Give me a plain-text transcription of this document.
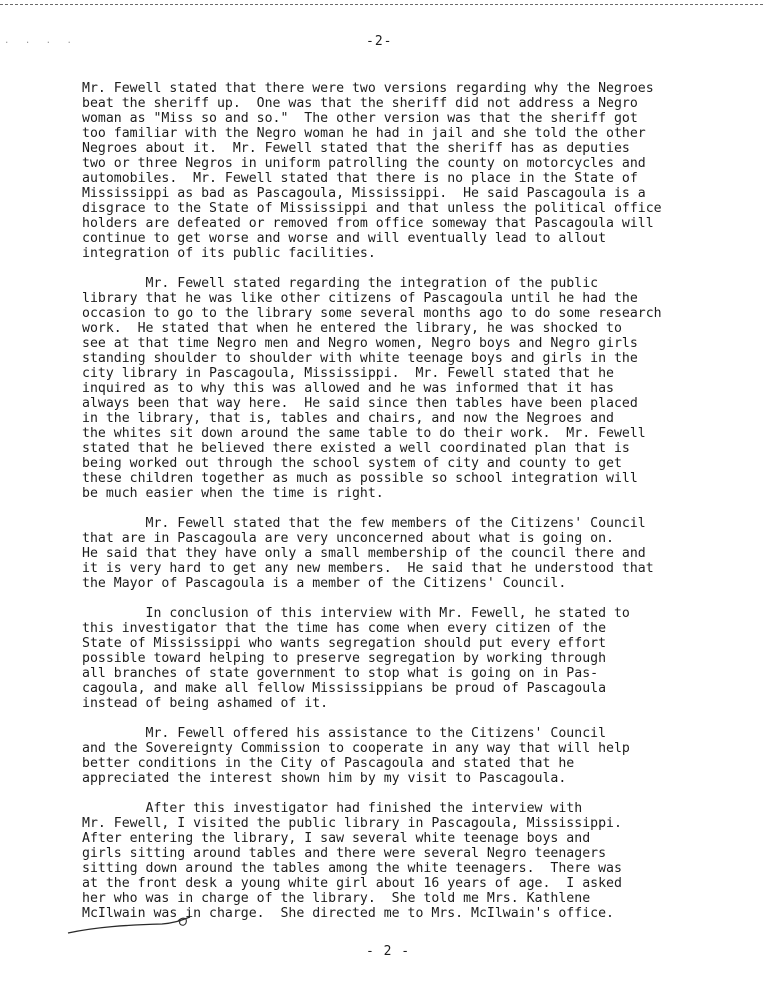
. . . .	-2-

Mr. Fewell stated that there were two versions regarding why the Negroes
beat the sheriff up.  One was that the sheriff did not address a Negro
woman as "Miss so and so."  The other version was that the sheriff got
too familiar with the Negro woman he had in jail and she told the other
Negroes about it.  Mr. Fewell stated that the sheriff has as deputies
two or three Negros in uniform patrolling the county on motorcycles and
automobiles.  Mr. Fewell stated that there is no place in the State of
Mississippi as bad as Pascagoula, Mississippi.  He said Pascagoula is a
disgrace to the State of Mississippi and that unless the political office
holders are defeated or removed from office someway that Pascagoula will
continue to get worse and worse and will eventually lead to allout
integration of its public facilities.

Mr. Fewell stated regarding the integration of the public
library that he was like other citizens of Pascagoula until he had the
occasion to go to the library some several months ago to do some research
work.  He stated that when he entered the library, he was shocked to
see at that time Negro men and Negro women, Negro boys and Negro girls
standing shoulder to shoulder with white teenage boys and girls in the
city library in Pascagoula, Mississippi.  Mr. Fewell stated that he
inquired as to why this was allowed and he was informed that it has
always been that way here.  He said since then tables have been placed
in the library, that is, tables and chairs, and now the Negroes and
the whites sit down around the same table to do their work.  Mr. Fewell
stated that he believed there existed a well coordinated plan that is
being worked out through the school system of city and county to get
these children together as much as possible so school integration will
be much easier when the time is right.

Mr. Fewell stated that the few members of the Citizens' Council
that are in Pascagoula are very unconcerned about what is going on.
He said that they have only a small membership of the council there and
it is very hard to get any new members.  He said that he understood that
the Mayor of Pascagoula is a member of the Citizens' Council.

In conclusion of this interview with Mr. Fewell, he stated to
this investigator that the time has come when every citizen of the
State of Mississippi who wants segregation should put every effort
possible toward helping to preserve segregation by working through
all branches of state government to stop what is going on in Pas-
cagoula, and make all fellow Mississippians be proud of Pascagoula
instead of being ashamed of it.

Mr. Fewell offered his assistance to the Citizens' Council
and the Sovereignty Commission to cooperate in any way that will help
better conditions in the City of Pascagoula and stated that he
appreciated the interest shown him by my visit to Pascagoula.

After this investigator had finished the interview with
Mr. Fewell, I visited the public library in Pascagoula, Mississippi.
After entering the library, I saw several white teenage boys and
girls sitting around tables and there were several Negro teenagers
sitting down around the tables among the white teenagers.  There was
at the front desk a young white girl about 16 years of age.  I asked
her who was in charge of the library.  She told me Mrs. Kathlene
McIlwain was in charge.  She directed me to Mrs. McIlwain's office.

- 2 -
